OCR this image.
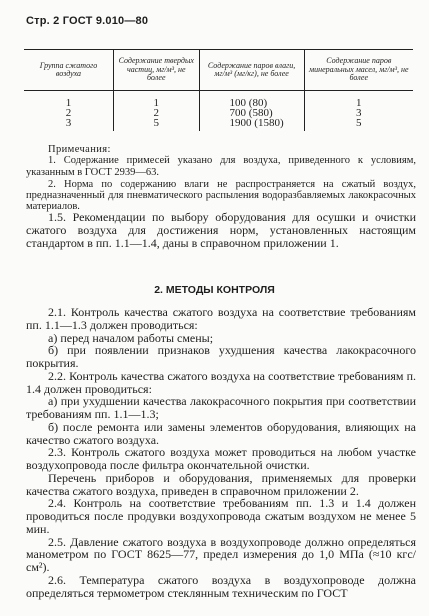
Стр. 2 ГОСТ 9.010—80
Группа сжатого воздуха	Содержание твердых частиц, мг/м³, не более	Содержание паров влаги, мг/м³ (мг/кг), не более	Содержание паров минеральных масел, мг/м³, не более
1	1	100 (80)	1
2	2	700 (580)	3
3	5	1900 (1580)	5
Примечания:

1. Содержание примесей указано для воздуха, приведенного к условиям, указанным в ГОСТ 2939—63.

2. Норма по содержанию влаги не распространяется на сжатый воздух, предназначенный для пневматического распыления водоразбавляемых лакокрасочных материалов.

1.5. Рекомендации по выбору оборудования для осушки и очистки сжатого воздуха для достижения норм, установленных настоящим стандартом в пп. 1.1—1.4, даны в справочном приложении 1.

2. МЕТОДЫ КОНТРОЛЯ

2.1. Контроль качества сжатого воздуха на соответствие требованиям пп. 1.1—1.3 должен проводиться:

а) перед началом работы смены;

б) при появлении признаков ухудшения качества лакокрасочного покрытия.

2.2. Контроль качества сжатого воздуха на соответствие требованиям п. 1.4 должен проводиться:

а) при ухудшении качества лакокрасочного покрытия при соответствии требованиям пп. 1.1—1.3;

б) после ремонта или замены элементов оборудования, влияющих на качество сжатого воздуха.

2.3. Контроль сжатого воздуха может проводиться на любом участке воздухопровода после фильтра окончательной очистки.

Перечень приборов и оборудования, применяемых для проверки качества сжатого воздуха, приведен в справочном приложении 2.

2.4. Контроль на соответствие требованиям пп. 1.3 и 1.4 должен проводиться после продувки воздухопровода сжатым воздухом не менее 5 мин.

2.5. Давление сжатого воздуха в воздухопроводе должно определяться манометром по ГОСТ 8625—77, предел измерения до 1,0 МПа (≈10 кгс/см²).

2.6. Температура сжатого воздуха в воздухопроводе должна определяться термометром стеклянным техническим по ГОСТ
